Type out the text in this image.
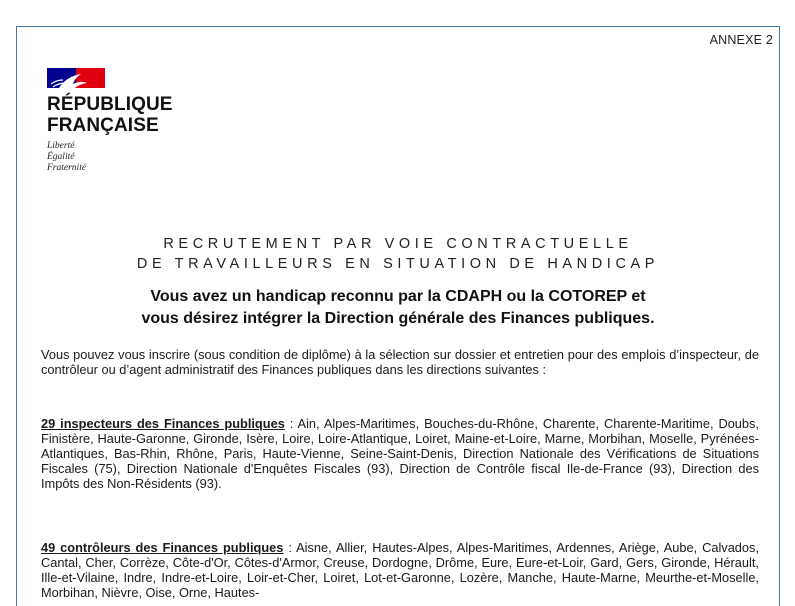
ANNEXE 2
RÉPUBLIQUE
FRANÇAISE
Liberté
Égalité
Fraternité
RECRUTEMENT PAR VOIE CONTRACTUELLE
DE TRAVAILLEURS EN SITUATION DE HANDICAP
Vous avez un handicap reconnu par la CDAPH ou la COTOREP et
vous désirez intégrer la Direction générale des Finances publiques.

Vous pouvez vous inscrire (sous condition de diplôme) à la sélection sur dossier et entretien pour des emplois d’inspecteur, de contrôleur ou d’agent administratif des Finances publiques dans les directions suivantes :

29 inspecteurs des Finances publiques : Ain, Alpes-Maritimes, Bouches-du-Rhône, Charente, Charente-Maritime, Doubs, Finistère, Haute-Garonne, Gironde, Isère, Loire, Loire-Atlantique, Loiret, Maine-et-Loire, Marne, Morbihan, Moselle, Pyrénées-Atlantiques, Bas-Rhin, Rhône, Paris, Haute-Vienne, Seine-Saint-Denis, Direction Nationale des Vérifications de Situations Fiscales (75), Direction Nationale d'Enquêtes Fiscales (93), Direction de Contrôle fiscal Ile-de-France (93), Direction des Impôts des Non-Résidents (93).

49 contrôleurs des Finances publiques : Aisne, Allier, Hautes-Alpes, Alpes-Maritimes, Ardennes, Ariège, Aube, Calvados, Cantal, Cher, Corrèze, Côte-d'Or, Côtes-d'Armor, Creuse, Dordogne, Drôme, Eure, Eure-et-Loir, Gard, Gers, Gironde, Hérault, Ille-et-Vilaine, Indre, Indre-et-Loire, Loir-et-Cher, Loiret, Lot-et-Garonne, Lozère, Manche, Haute-Marne, Meurthe-et-Moselle, Morbihan, Nièvre, Oise, Orne, Hautes-
